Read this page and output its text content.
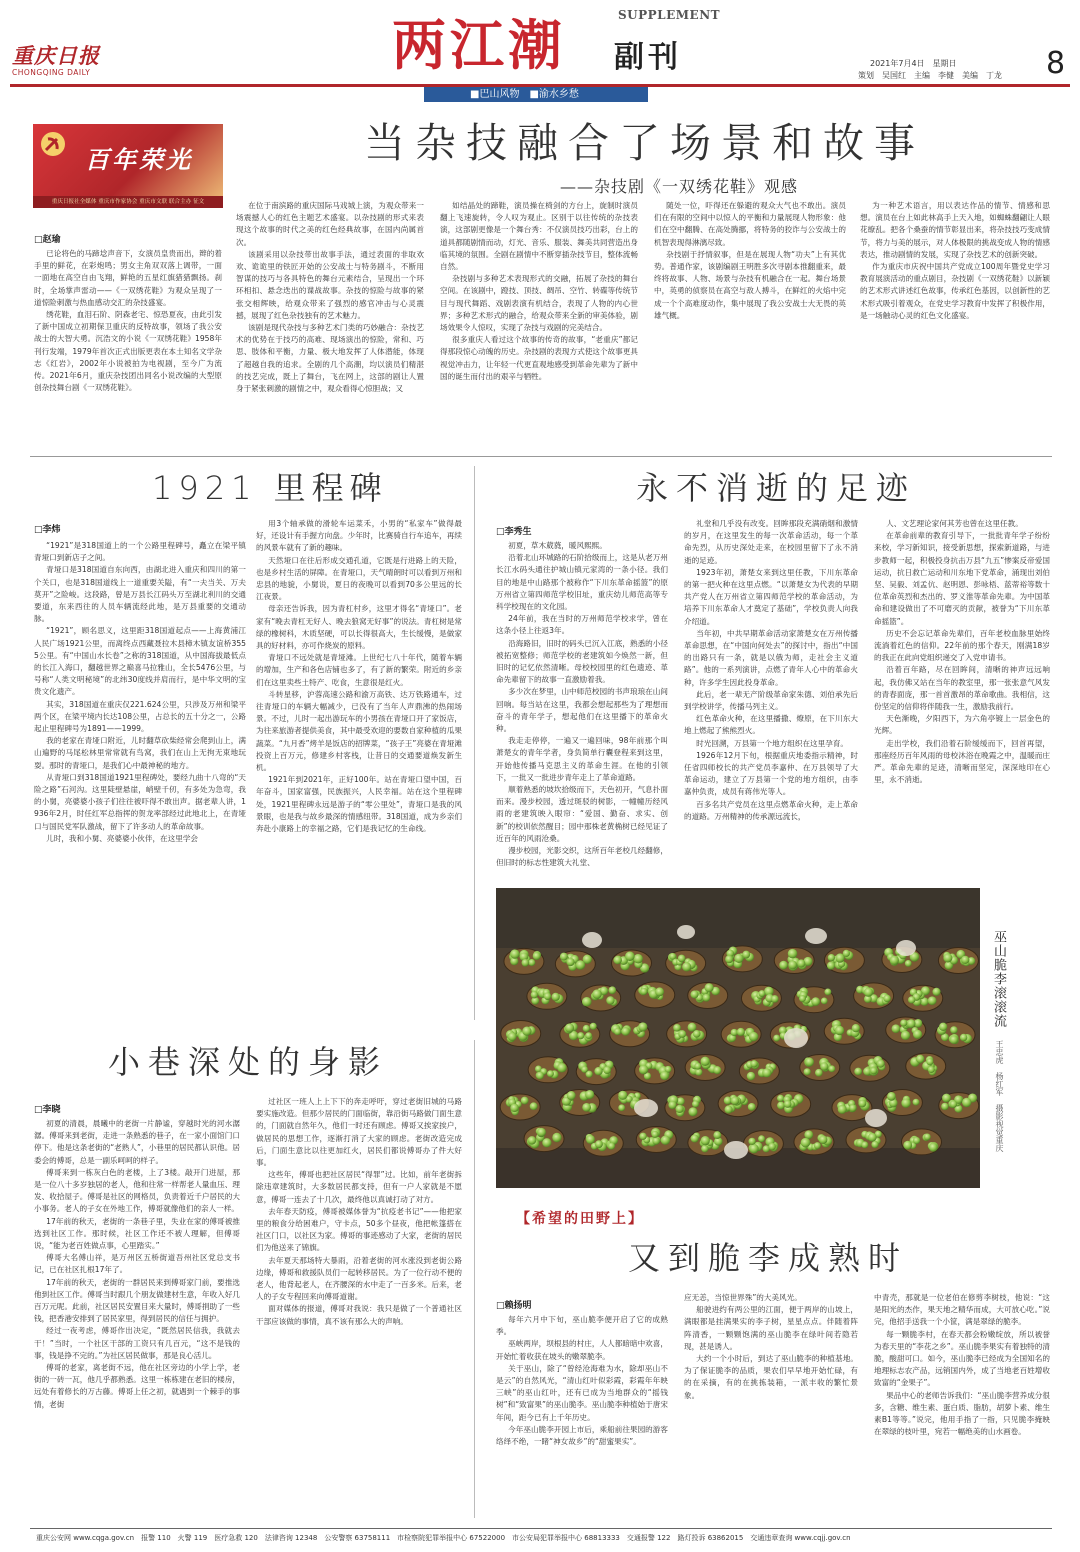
重庆日报
CHONGQING DAILY
SUPPLEMENT
两江潮 副刊	2021年7月4日　星期日
策划　吴国红　主编　李健　美编　丁龙 8
■巴山风物 ■渝水乡愁
百年荣光
重庆日报社全媒体 重庆市作家协会 重庆市文联 联合主办 征文
当杂技融合了场景和故事
——杂技剧《一双绣花鞋》观感
□赵瑜

已论将色的马蹄埝声音下，女演员皇贵而出，辫的着手里的鲜花，在彩炮鸣；男女主角双双落上调带，一面一面地在高空自由飞翔，鲜艳的五星红旗猎猎飘扬。刹时，全场掌声雷动——《一双绣花鞋》为观众呈现了一道惊险刺激与热血感动交汇的杂技盛宴。

绣花鞋，血泪石阶、阴森老宅、惊恐夏夜，由此引发了新中国成立初期保卫重庆的反特故事，领场了我公安战士的大智大勇。沉浩文的小说《一双绣花鞋》1958年刊行发端，1979年首次正式出版更表在本土知名文学杂志《红岩》，2002年小说被拍为电视剧，至今广为流传。2021年6月，重庆杂技团出同名小说改编的大型原创杂技舞台剧《一双绣花鞋》。

在位于南滨路的重庆国际马戏城上演，为观众带来一场震撼人心的红色主题艺术盛宴。以杂技剧的形式来表现这个故事的时代之美的红色经典故事，在国内尚属首次。

该剧采用以杂技带出故事手法，通过表面的非取欢欢、诡诡里的铁匠开始的公安战士与特务剧斗，不断用智谋的技巧与各具特色的舞台元素结合，呈现出一个环环相扣、悬念迭出的谍战故事。杂技的惊险与故事的紧张交相辉映，给观众带来了强烈的感官冲击与心灵震撼，展现了红色杂技独有的艺术魅力。

该剧是现代杂技与多种艺术门类的巧妙融合：杂技艺术的优势在于技巧的高难、现场演出的惊险，常和、巧思、肢体和平衡，力量、极大地发挥了人体潜能，体现了超越自我的追求。全剧的几个高潮，均以演员们精湛的技艺完成，既上了舞台，飞在网上，这部的剧让人置身于紧张刺激的剧情之中，观众看得心惊胆战；又

如结晶处的蹄鞋，演员操在椅剑的方台上，旋制时演员翻上飞速旋转，令人叹为观止。区别于以往传统的杂技表演，这部剧更像是一个舞台秀：不仅演员技巧出彩，台上的道具都随剧情而动，灯光、音乐、服装、舞美共同营造出身临其境的氛围。全剧在剧情中不断穿插杂技节目，整体流畅自然。

杂技剧与多种艺术表现形式的交融，拓展了杂技的舞台空间。在该剧中，蹬技、顶技、绸吊、空竹、转碟等传统节目与现代舞蹈、戏剧表演有机结合，表现了人物的内心世界；多种艺术形式的融合，给观众带来全新的审美体验，剧场效果令人惊叹，实现了杂技与戏剧的完美结合。

很多重庆人看过这个故事的传奇的故事，“老重庆”都记得那段惊心动魄的历史。杂技剧的表现方式使这个故事更具视觉冲击力，让年轻一代更直观地感受到革命先辈为了新中国的诞生而付出的艰辛与牺牲。

随处一位，吓得还在躲避的观众大气也不敢出。演员们在有限的空间中以惊人的平衡和力量展现人物形象：他们在空中翻腾、在高处腾挪，将特务的狡诈与公安战士的机智表现得淋漓尽致。

杂技剧于抒情叙事，但是在展现人物“功夫”上有其优势。普通作家，该剧编剧王明胜多次寻剧本推翻重来，最终将故事、人物、场景与杂技有机融合在一起。舞台场景中，英勇的侦察员在高空与敌人搏斗，在鲜红的火焰中完成一个个高难度动作，集中展现了我公安战士大无畏的英雄气概。

为一种艺术语言，用以表达作品的情节、情感和思想。演员在台上如此林高手上天入地，如蜘蛛翻翩让人眼花缭乱。把各个桑蚕的情节彰显出来，将杂技技巧变成情节，将力与美的展示，对人体极限的挑战变成人物的情感表达，推动剧情的发展，实现了杂技艺术的创新突破。

作为重庆市庆祝中国共产党成立100周年暨党史学习教育展演活动的重点剧目，杂技剧《一双绣花鞋》以新颖的艺术形式讲述红色故事，传承红色基因，以创新性的艺术形式吸引着观众，在党史学习教育中发挥了积极作用，是一场触动心灵的红色文化盛宴。

1921 里程碑
□李炜

“1921”是318国道上的一个公路里程碑号，矗立在梁平镇青垭口到新店子之间。

青垭口是318国道自东向西，由湖北进入重庆和四川的第一个关口，也是318国道线上一道重要关隘，有“一夫当关、万夫莫开”之险峻。这段路，曾是万县长江码头万至湖北利川的交通要道，东来西往的人员车辆流经此地，是万县重要的交通动脉。

“1921”，顾名思义，这里距318国道起点——上海黄浦江人民广场1921公里，而离终点西藏聂拉木县樟木镇友谊桥3555公里。有“中国山水长卷”之称的318国道，从中国海拔最低点的长江入海口，翻越世界之巅喜马拉雅山，全长5476公里，与号称“人类文明秘境”的北纬30度线并肩而行，是中华文明的宝贵文化遗产。

其实，318国道在重庆仅221.624公里，只涉及万州和梁平两个区，在梁平境内长达108公里，占总长的五十分之一，公路起止里程碑号为1891——1999。

我的老家在青垭口附近，儿时翻草砍柴经常会爬到山上，满山遍野的马尾松林里常常就有鸟窝，我们在山上无拘无束地玩耍。那时的青垭口，是我们心中最神秘的地方。

从青垭口到318国道1921里程碑处，要经九曲十八弯的“天险之路”石河沟。这里陡壁悬崖，峭壁千仞，有多处为急弯，我的小舅，亮婆婆小孩子们往往被吓得不敢出声。据老辈人讲，1936年2月，时任红军总指挥的贺龙率部经过此地北上，在青垭口与国民党军队激战，留下了许多动人的革命故事。

儿时，我和小舅、亮婆婆小伙伴，在这里学会

用3个轴承做的滑轮车运菜禾，小男的“私家车”做得最好，还设计有手握方向盘。少年时，比赛骑自行车追车，再续的风景车就有了新的趣味。

天然垭口在往后形成交通孔道，它既是行进路上的天险，也是乡村生活的屏障。在青垭口，天气晴朗时可以看到万州和忠县的地貌，小舅说，夏日的夜晚可以看到70多公里远的长江夜景。

母亲还告诉我，因为青杠村乡，这里才得名“青垭口”。老家有“晚去青杠无好人、晚去狼窝无好事”的说法。青杠树是常绿的橡树科，木质坚硬，可以长得很高大，生长缓慢，是做家具的好材料，亦可作烧炭的原料。

青垭口不远处就是青垭滩。上世纪七八十年代，随着车辆的增加，生产和各色店铺也多了，有了新的繁荣。附近的乡亲们在这里卖些土特产、吃食，生意很是红火。

斗转星移，沪蓉高速公路和渝万高铁、达万铁路通车，过往青垭口的车辆大幅减少，已没有了当年人声鼎沸的热闹场景。不过，儿时一起出游玩车的小男孩在青垭口开了家饭店，为往来旅游者提供美食，其中最受欢迎的要数自家种植的瓜果蔬菜。“九月香”烤羊是饭店的招牌菜，“孩子王”亮婆在青垭滩投资上百万元，修建乡村客栈，让昔日的交通要道焕发新生机。

1921年到2021年，正好100年。站在青垭口望中国，百年奋斗，国家富强，民族振兴，人民幸福。站在这个里程碑处，1921里程碑永远是游子的“零公里处”，青垭口是我的风景眼，也是我与故乡最深的情感纽带。318国道，成为乡亲们奔赴小康路上的幸福之路，它们是我记忆的生命线。

永不消逝的足迹
□李秀生

初夏，草木葳蕤，暖风熙熙。

沿着北山环城路的石阶拾级而上，这是从老万州长江水码头通往护城山镇元家湾的一条小径。我们目的地是中山路那个被称作“下川东革命摇篮”的原万州省立第四师范学校旧址，重庆幼儿师范高等专科学校现在的文化园。

24年前，我在当时的万州师范学校求学，曾在这条小径上往返3年。

沿海路旧，旧时的码头已沉入江底，熟悉的小径被拓宽整修；师范学校的老建筑如今焕然一新，但旧时的记忆依然清晰。母校校园里的红色遗迹、革命先辈留下的故事一直激励着我。

多少次在梦里，山中师范校园的书声琅琅在山间回响。每当站在这里，我都会想起那些为了理想而奋斗的青年学子，想起他们在这里播下的革命火种。

我走走停停，一遍又一遍回味，98年前那个叫萧楚女的青年学者，身负简单行囊登程来到这里，开始他传播马克思主义的革命生涯。在他的引领下，一批又一批进步青年走上了革命道路。

顺着熟悉的坡坎拾级而下，天色初开，气息扑面而来。漫步校园，透过斑驳的树影，一幢幢历经风雨的老建筑映入眼帘：“爱国、勤奋、求实、创新”的校训依然醒目；园中那株老黄桷树已经见证了近百年的风雨沧桑。

漫步校园，光影交织，这所百年老校几经翻修，但旧时的标志性建筑大礼堂、

礼堂和几乎没有改变。回眸那段充满硝烟和激情的岁月，在这里发生的每一次革命活动，每一个革命先烈，从历史深处走来，在校园里留下了永不消逝的足迹。

1923年初，萧楚女来到这里任教，下川东革命的第一把火种在这里点燃。“以萧楚女为代表的早期共产党人在万州省立第四师范学校的革命活动，为培养下川东革命人才奠定了基础”，学校负责人向我介绍道。

当年初，中共早期革命活动家萧楚女在万州传播革命思想，在“中国向何处去”的探讨中，指出“中国的出路只有一条，就是以俄为师，走社会主义道路”。他的一系列演讲，点燃了青年人心中的革命火种，许多学生因此投身革命。

此后，老一辈无产阶级革命家朱德、刘伯承先后到学校讲学，传播马列主义。

红色革命火种，在这里播撒、燎原，在下川东大地上燃起了熊熊烈火。

时光回溯，万县第一个地方组织在这里孕育。

1926年12月下旬，根据重庆地委指示精神，时任省四师校长的共产党员李嘉仲、在万县领导了大革命运动，建立了万县第一个党的地方组织，由李嘉仲负责，成员有蒋伟光等人。

百多名共产党员在这里点燃革命火种，走上革命的道路。万州精神的传承源远流长，

人、文艺理论家何其芳也曾在这里任教。

在革命前辈的教育引导下，一批批青年学子纷纷来校，学习新知识，接受新思想，探索新道路，与进步教师一起，积极投身抗击万县“九五”惨案反帝爱国运动，抗日救亡运动和川东地下党革命，涌现出刘伯坚、吴毅、刘孟伉、赵明恩、彭咏梧、蓝蒂裕等数十位革命英烈和杰出的、罗义淮等革命先辈。为中国革命和建设做出了不可磨灭的贡献，被誉为“下川东革命摇篮”。

历史不会忘记革命先辈们，百年老校血脉里始终流淌着红色的信仰。22年前的那个春天，刚满18岁的我正在此向党组织递交了入党申请书。

沿着百年路，尽在回眸间，清晰的神声远远响起，我仿佛又站在当年的教室里，那一张张意气风发的青春面庞，那一首首激昂的革命歌曲。我相信，这份坚定的信仰将伴随我一生，激励我前行。

天色渐晚，夕阳西下，为六角亭镀上一层金色的光辉。

走出学校，我们沿着石阶缓缓而下，回首再望，那座经历百年风雨的母校沐浴在晚霞之中，温暖而庄严。革命先辈的足迹，清晰而坚定，深深地印在心里，永不消逝。

巫山脆李滚滚流
王忠虎　杨红军　摄影视觉重庆
小巷深处的身影
□李晓

初夏的清晨，晨曦中的老街一片静谧，穿越时光的河水潺潺。傅哥来到老街，走进一条熟悉的巷子，在一家小面馆门口停下。他是这条老街的“老熟人”，小巷里的居民都认识他。居委会的傅哥，总是一副乐呵呵的样子。

傅哥来到一栋灰白色的老楼，上了3楼。敲开门进屋，那是一位八十多岁独居的老人，他和往常一样帮老人量血压、理发、收拾屋子。傅哥是社区的网格员，负责着近千户居民的大小事务。老人的子女在外地工作，傅哥就像他们的亲人一样。

17年前的秋天，老街的一条巷子里，失业在家的傅哥被推选到社区工作。那时候，社区工作还不被人理解，但傅哥说，“能为老百姓做点事，心里踏实。”

傅哥大名傅山祥，是万州区五桥街道吾州社区党总支书记，已在社区扎根17年了。

17年前的秋天，老街的一群居民来到傅哥家门前，要推选他到社区工作。傅哥当时跟几个朋友做建材生意，年收入好几百万元呢。此前，社区居民安置目来大量时，傅哥捐助了一些钱，把香港安排到了居民家里，得到居民的信任与拥护。

经过一夜考虑，傅哥作出决定，“既然居民信我，我就去干！”当时，一个社区干部的工资只有几百元，“这不是钱的事，钱是挣不完的。”为社区居民做事，那是良心活儿。

傅哥的老家，离老街不远，他在社区旁边的小学上学，老街的一砖一瓦，他几乎都熟悉。这里一栋栋建在老旧的楼房，远处有着修长的万古藤。傅哥上任之初，就遇到一个棘手的事情，老街

过社区一班人上上下下的奔走呼吁，穿过老街旧城的马路要实施改造。但那少居民的门面临街，靠沿街马路做门面生意的，门面就自然年久，他们一时还有顾虑。傅哥又挨家挨户，做居民的思想工作，逐渐打消了大家的顾虑。老街改造完成后，门面生意比以往更加红火，居民们都说傅哥办了件大好事。

这些年，傅哥也把社区居民“得罪”过。比如，前年老街拆除违章建筑时，大多数居民都支持，但有一户人家就是不愿意，傅哥一连去了十几次，最终他以真诚打动了对方。

去年春天防疫，傅哥被媒体誉为“抗疫老书记”——他把家里的粮食分给困难户，守卡点，50多个昼夜，他把帐篷搭在社区门口，以社区为家。傅哥的事迹感动了大家，老街的居民们为他送来了锦旗。

去年夏天那场特大暴雨，沿着老街的河水涨没到老街公路边缘，傅哥和救援队员们一起转移居民。为了一位行动不便的老人，他背起老人，在齐腰深的水中走了一百多米。后来，老人的子女专程回来向傅哥道谢。

面对媒体的报道，傅哥对我说：我只是做了一个普通社区干部应该做的事情，真不该有那么大的声响。

【希望的田野上】
又到脆李成熟时
□赖扬明

每年六月中下旬，巫山脆李便开启了它的成熟季。

巫峡两岸，坝根县的村庄，人人都暗暗中欢喜，开始忙着收获在坡头的嫩翠脆李。

关于巫山，除了“曾经沧海难为水，除却巫山不是云”的自然风光，“清山红叶似彩霞，彩霞年年映三峡”的巫山红叶，还有已成为当地群众的“摇钱树”和“致富果”的巫山脆李。巫山脆李种植始于唐宋年间，距今已有上千年历史。

今年巫山脆李开园上市后，乘船前往果园的游客络绎不绝，一睹“神女故乡”的“甜蜜果实”。

应无恙，当惊世界殊”的大美风光。

船驶进约有两公里的江面，便于两岸的山坡上，满眼都是挂满果实的李子树，星星点点。伴随着阵阵清香，一颗颗饱满的巫山脆李在绿叶间若隐若现，甚是诱人。

大约一个小时后，到达了巫山脆李的种植基地。为了保证脆李的品质，果农们早早地开始忙碌，有的在采摘，有的在挑拣装箱，一派丰收的繁忙景象。

中青壳，那就是一位老伯在修剪李树枝，他说：“这是阳光的杰作，果天地之精华而成，大可放心吃。”说完，他招手送我一个小筐，满是翠绿的脆李。

每一颗脆李村，在春天都会粉嫩绽放，所以被誉为春天里的“李花之乡”。巫山脆李果实有着独特的清脆，酸甜可口。如今，巫山脆李已经成为全国知名的地理标志农产品，远销国内外，成了当地老百姓增收致富的“金果子”。

果品中心的老师告诉我们：“巫山脆李营养成分很多，含糖、维生素、蛋白质、脂肪，胡萝卜素、维生素B1等等。”说完，他用手指了一指，只见脆李掩映在翠绿的枝叶里，宛若一幅绝美的山水画卷。

重庆公安网 www.cqga.gov.cn　报警 110　火警 119　医疗急救 120　法律咨询 12348　公安警察 63758111　市检察院犯罪举报中心 67522000　市公安局犯罪举报中心 68813333　交通报警 122　路灯投诉 63862015　交通违章查询 www.cqjj.gov.cn
